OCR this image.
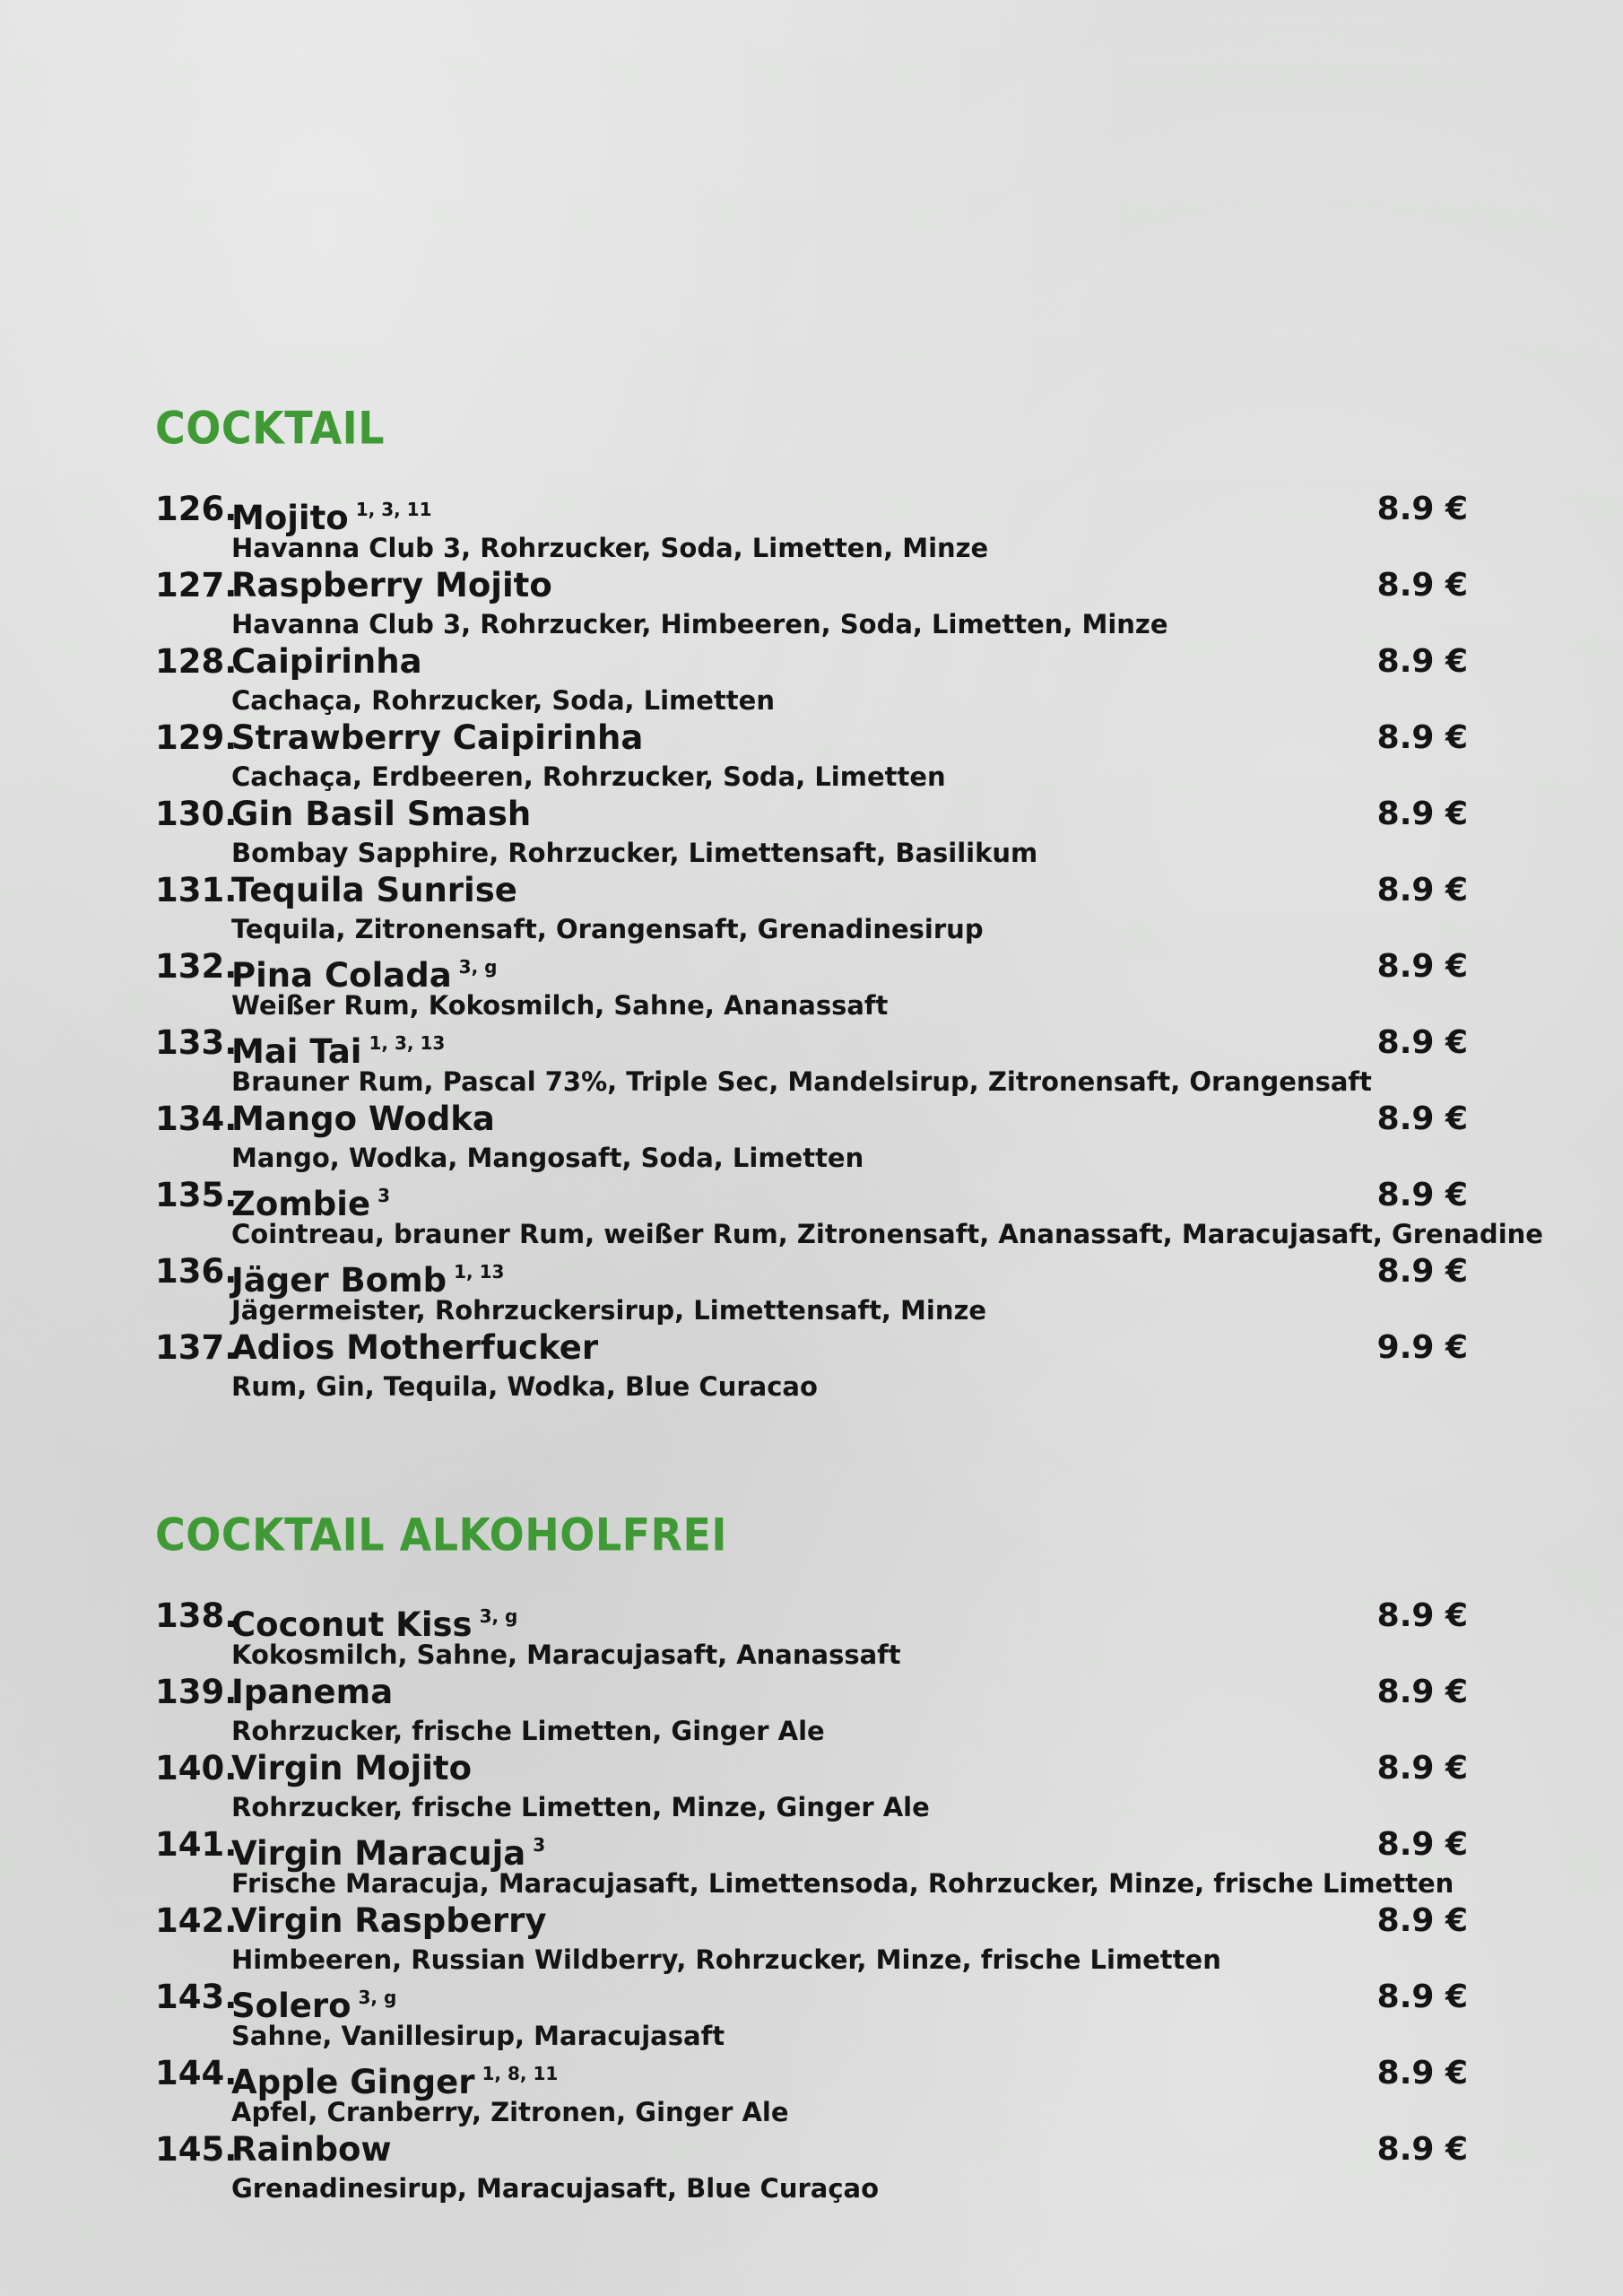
COCKTAIL
126.
Mojito $^{1, 3, 11}$	8.9 €
Havanna Club 3, Rohrzucker, Soda, Limetten, Minze
127.
Raspberry Mojito	8.9 €
Havanna Club 3, Rohrzucker, Himbeeren, Soda, Limetten, Minze
128.
Caipirinha	8.9 €
Cachaça, Rohrzucker, Soda, Limetten
129.
Strawberry Caipirinha	8.9 €
Cachaça, Erdbeeren, Rohrzucker, Soda, Limetten
130.
Gin Basil Smash	8.9 €
Bombay Sapphire, Rohrzucker, Limettensaft, Basilikum
131.
Tequila Sunrise	8.9 €
Tequila, Zitronensaft, Orangensaft, Grenadinesirup
132.
Pina Colada $^{3, g}$	8.9 €
Weißer Rum, Kokosmilch, Sahne, Ananassaft
133.
Mai Tai $^{1, 3, 13}$	8.9 €
Brauner Rum, Pascal 73%, Triple Sec, Mandelsirup, Zitronensaft, Orangensaft
134.
Mango Wodka	8.9 €
Mango, Wodka, Mangosaft, Soda, Limetten
135.
Zombie $^3$	8.9 €
Cointreau, brauner Rum, weißer Rum, Zitronensaft, Ananassaft, Maracujasaft, Grenadine
136.
Jäger Bomb $^{1, 13}$	8.9 €
Jägermeister, Rohrzuckersirup, Limettensaft, Minze
137.
Adios Motherfucker	9.9 €
Rum, Gin, Tequila, Wodka, Blue Curacao
COCKTAIL ALKOHOLFREI
138.
Coconut Kiss $^{3, g}$	8.9 €
Kokosmilch, Sahne, Maracujasaft, Ananassaft
139.
Ipanema	8.9 €
Rohrzucker, frische Limetten, Ginger Ale
140.
Virgin Mojito	8.9 €
Rohrzucker, frische Limetten, Minze, Ginger Ale
141.
Virgin Maracuja $^3$	8.9 €
Frische Maracuja, Maracujasaft, Limettensoda, Rohrzucker, Minze, frische Limetten
142.
Virgin Raspberry	8.9 €
Himbeeren, Russian Wildberry, Rohrzucker, Minze, frische Limetten
143.
Solero $^{3, g}$	8.9 €
Sahne, Vanillesirup, Maracujasaft
144.
Apple Ginger $^{1, 8, 11}$	8.9 €
Apfel, Cranberry, Zitronen, Ginger Ale
145.
Rainbow	8.9 €
Grenadinesirup, Maracujasaft, Blue Curaçao
